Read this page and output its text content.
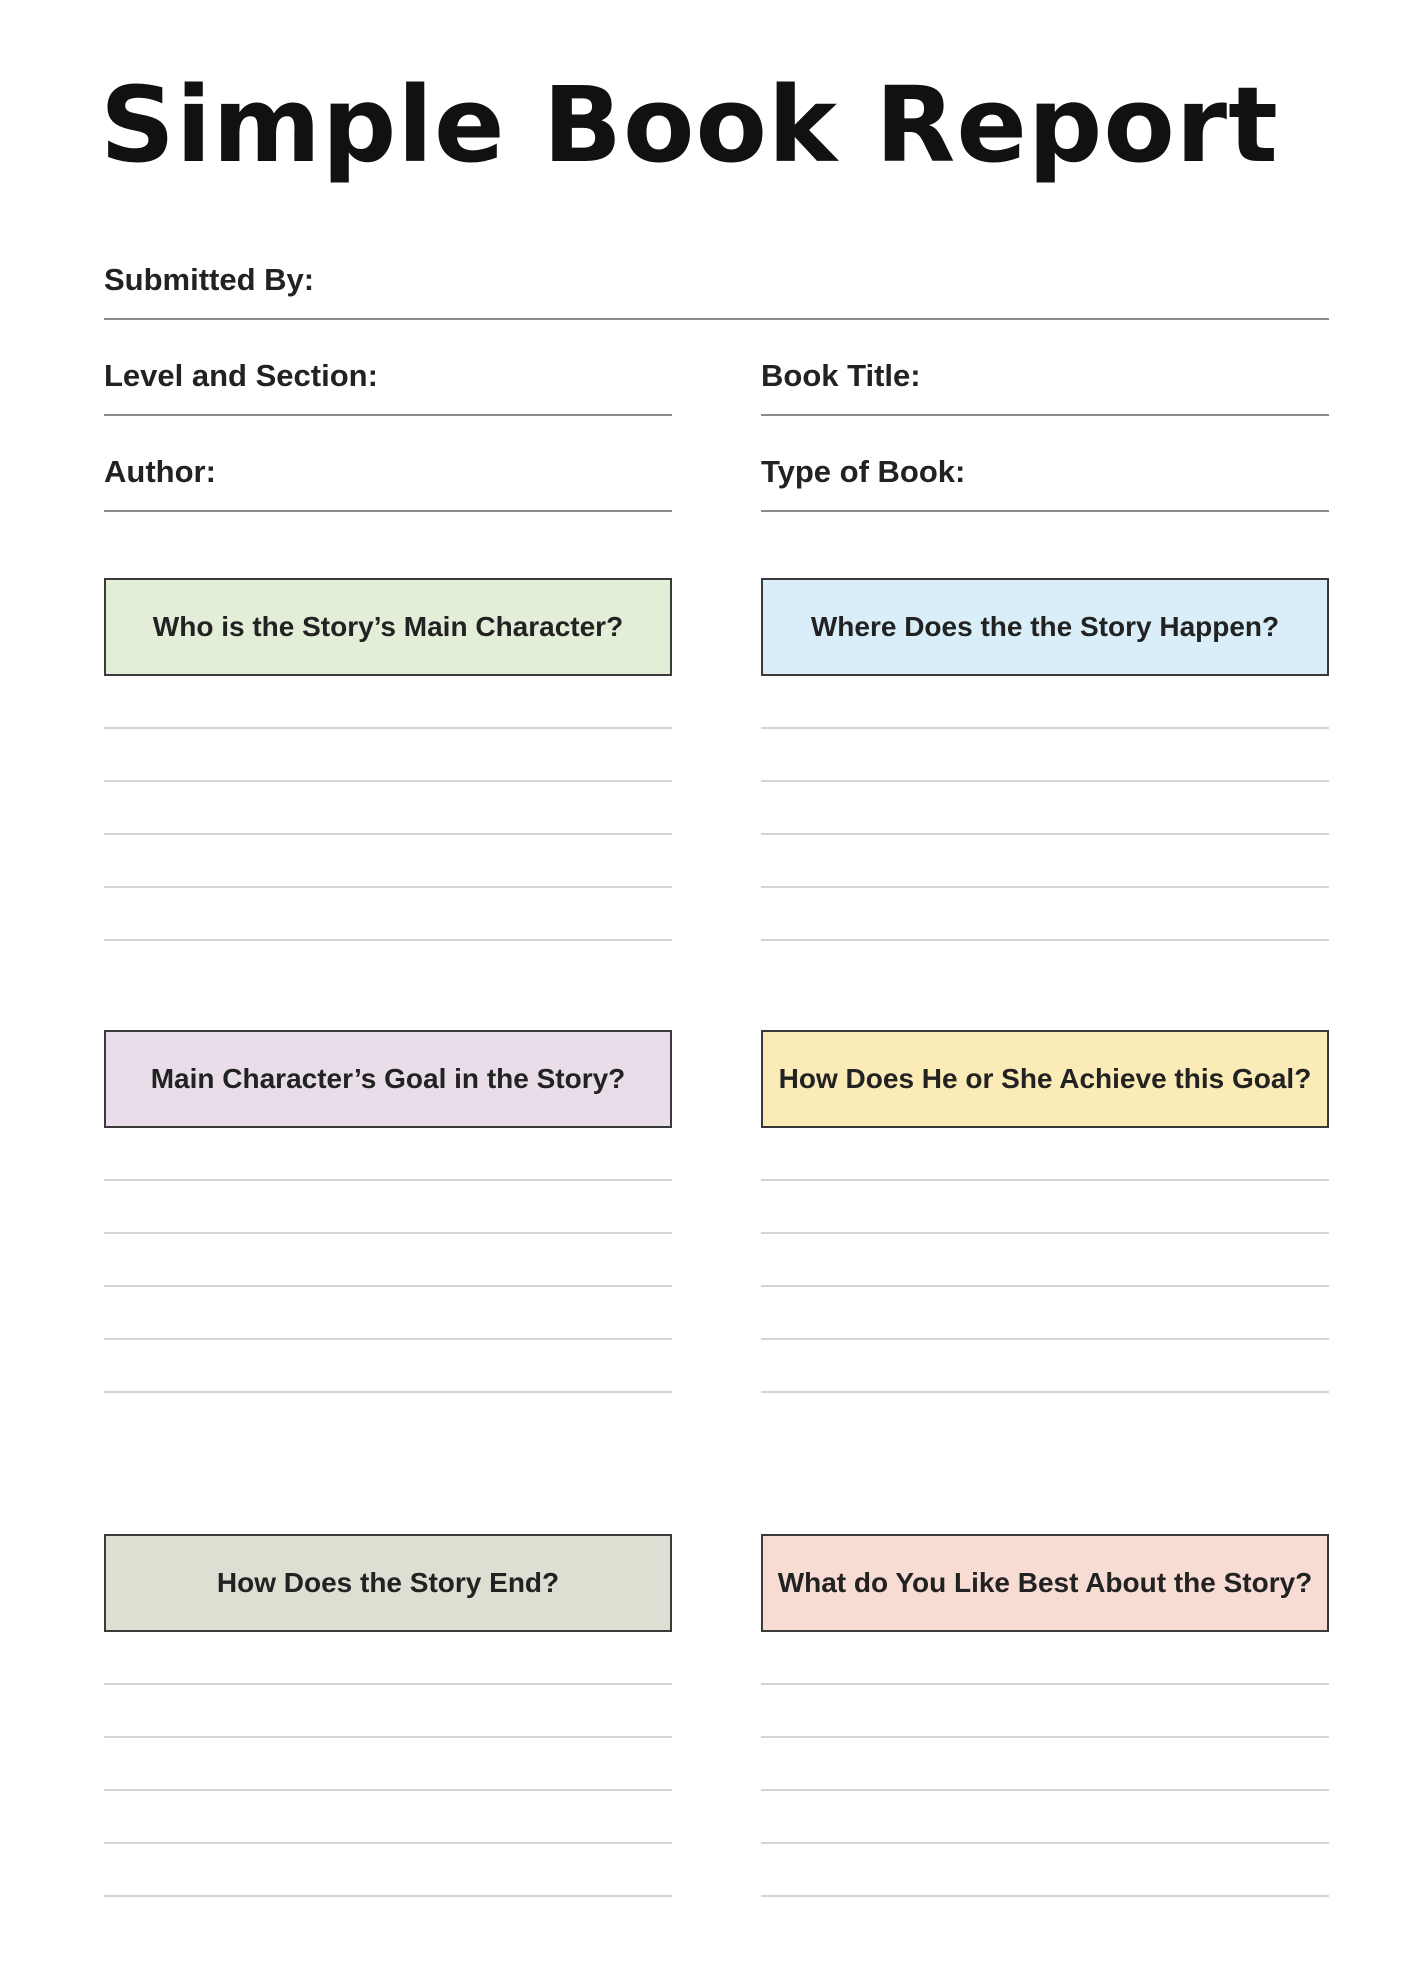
Simple Book Report
Submitted By:
Level and Section:	Book Title:
Author:	Type of Book:
Who is the Story’s Main Character?	Where Does the the Story Happen?
Main Character’s Goal in the Story?	How Does He or She Achieve this Goal?
How Does the Story End?	What do You Like Best About the Story?
